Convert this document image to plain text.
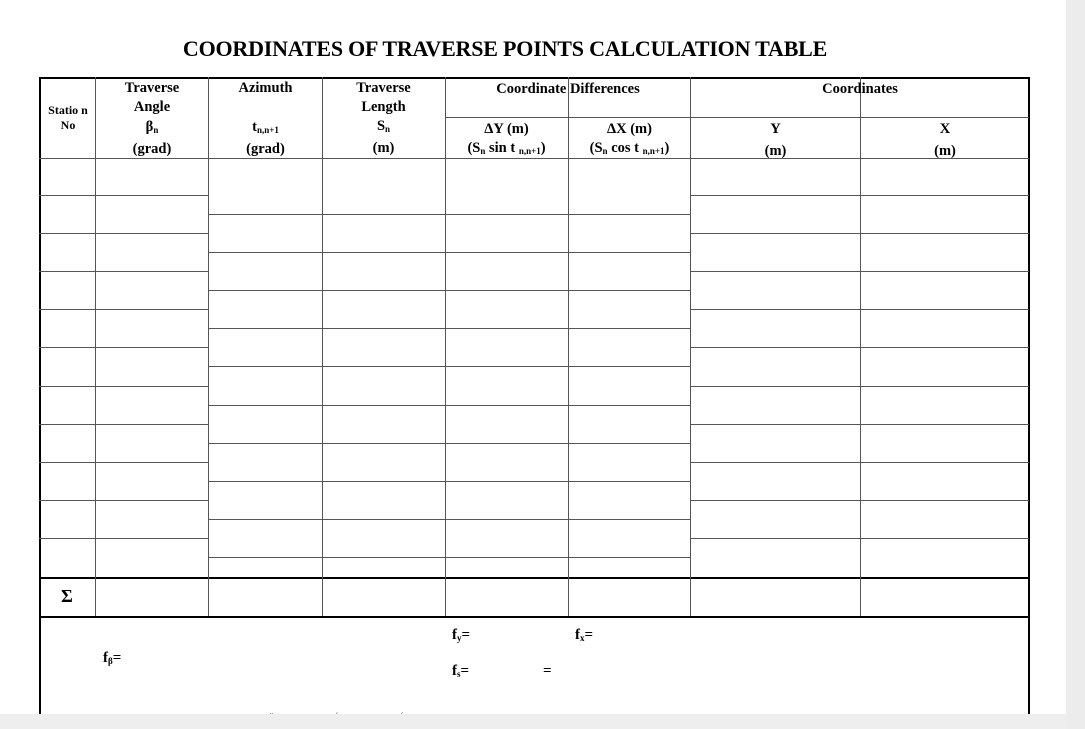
COORDINATES OF TRAVERSE POINTS CALCULATION TABLE
Statio n No
Traverse Angle
$\beta_n$
(grad)
Azimuth
$t_{n,n+1}$
(grad)
Traverse Length
$S_n$
(m)
Coordinate Differences
ΔY (m)
($S_n$ sin t $_{n,n+1}$)
ΔX (m)
($S_n$ cos t $_{n,n+1}$)
Coordinates
Y
(m)
X
(m)
Σ
$f_\beta=$
$f_y=$	$f_x=$
$f_s=$	=
¨ ˊ ˊ
